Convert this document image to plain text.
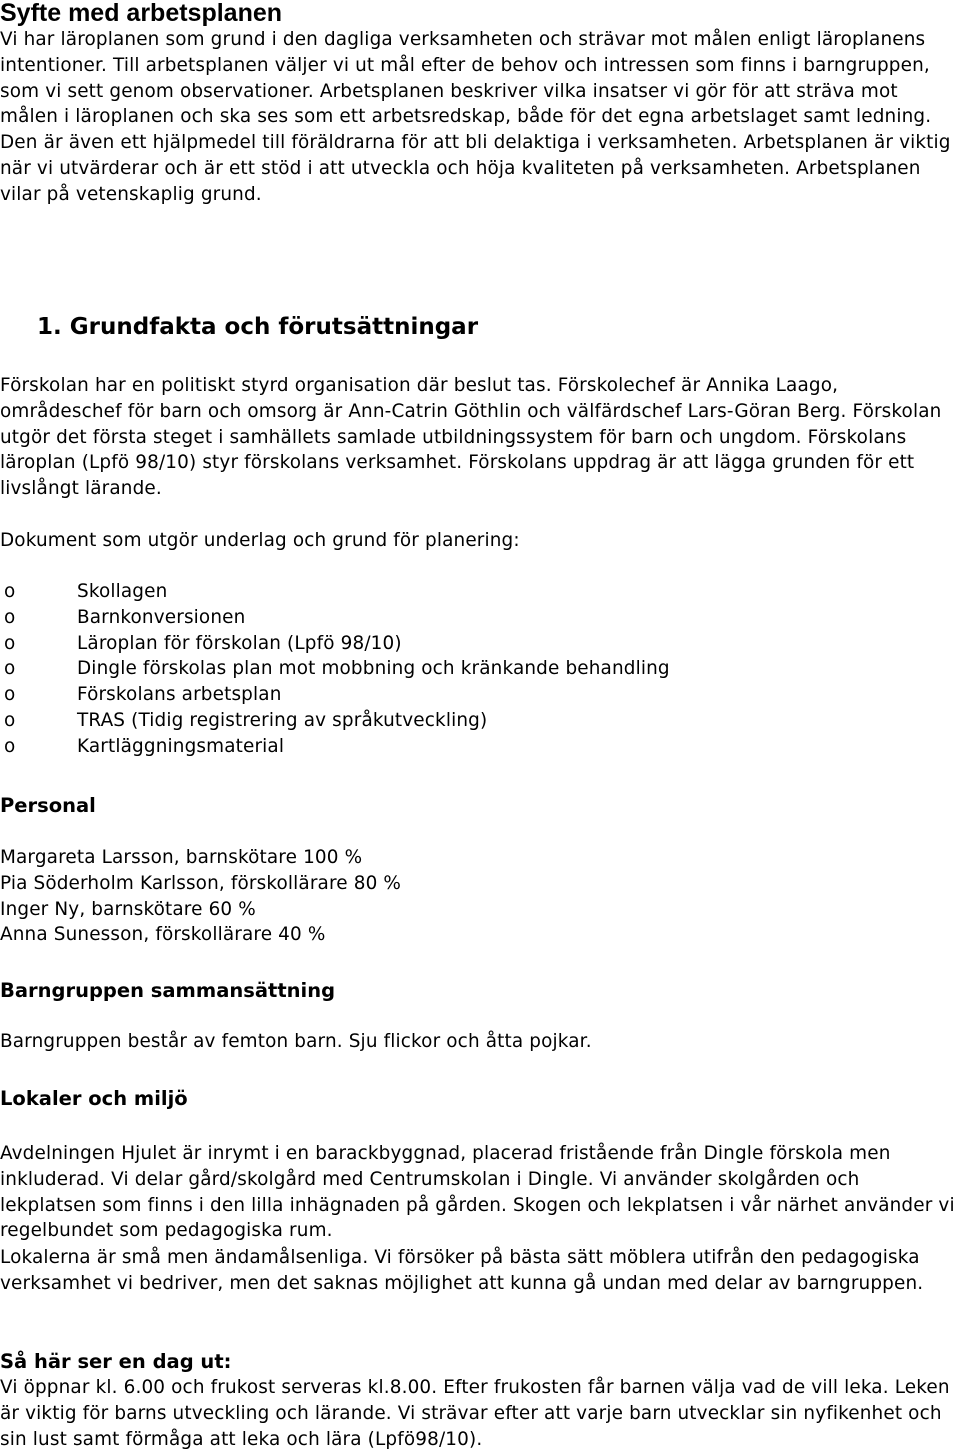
Syfte med arbetsplanen

Vi har läroplanen som grund i den dagliga verksamheten och strävar mot målen enligt läroplanens intentioner. Till arbetsplanen väljer vi ut mål efter de behov och intressen som finns i barngruppen, som vi sett genom observationer. Arbetsplanen beskriver vilka insatser vi gör för att sträva mot målen i läroplanen och ska ses som ett arbetsredskap, både för det egna arbetslaget samt ledning. Den är även ett hjälpmedel till föräldrarna för att bli delaktiga i verksamheten. Arbetsplanen är viktig när vi utvärderar och är ett stöd i att utveckla och höja kvaliteten på verksamheten. Arbetsplanen vilar på vetenskaplig grund.

1. Grundfakta och förutsättningar

Förskolan har en politiskt styrd organisation där beslut tas. Förskolechef är Annika Laago, områdeschef för barn och omsorg är Ann-Catrin Göthlin och välfärdschef Lars-Göran Berg. Förskolan utgör det första steget i samhällets samlade utbildningssystem för barn och ungdom. Förskolans läroplan (Lpfö 98/10) styr förskolans verksamhet. Förskolans uppdrag är att lägga grunden för ett livslångt lärande.

Dokument som utgör underlag och grund för planering:

o	Skollagen
o	Barnkonversionen
o	Läroplan för förskolan (Lpfö 98/10)
o	Dingle förskolas plan mot mobbning och kränkande behandling
o	Förskolans arbetsplan
o	TRAS (Tidig registrering av språkutveckling)
o	Kartläggningsmaterial
Personal
Margareta Larsson, barnskötare 100 %
Pia Söderholm Karlsson, förskollärare 80 %
Inger Ny, barnskötare 60 %
Anna Sunesson, förskollärare 40 %
Barngruppen sammansättning

Barngruppen består av femton barn. Sju flickor och åtta pojkar.

Lokaler och miljö

Avdelningen Hjulet är inrymt i en barackbyggnad, placerad fristående från Dingle förskola men inkluderad. Vi delar gård/skolgård med Centrumskolan i Dingle. Vi använder skolgården och lekplatsen som finns i den lilla inhägnaden på gården. Skogen och lekplatsen i vår närhet använder vi regelbundet som pedagogiska rum.

Lokalerna är små men ändamålsenliga. Vi försöker på bästa sätt möblera utifrån den pedagogiska verksamhet vi bedriver, men det saknas möjlighet att kunna gå undan med delar av barngruppen.

Så här ser en dag ut:

Vi öppnar kl. 6.00 och frukost serveras kl.8.00. Efter frukosten får barnen välja vad de vill leka. Leken är viktig för barns utveckling och lärande. Vi strävar efter att varje barn utvecklar sin nyfikenhet och sin lust samt förmåga att leka och lära (Lpfö98/10).
